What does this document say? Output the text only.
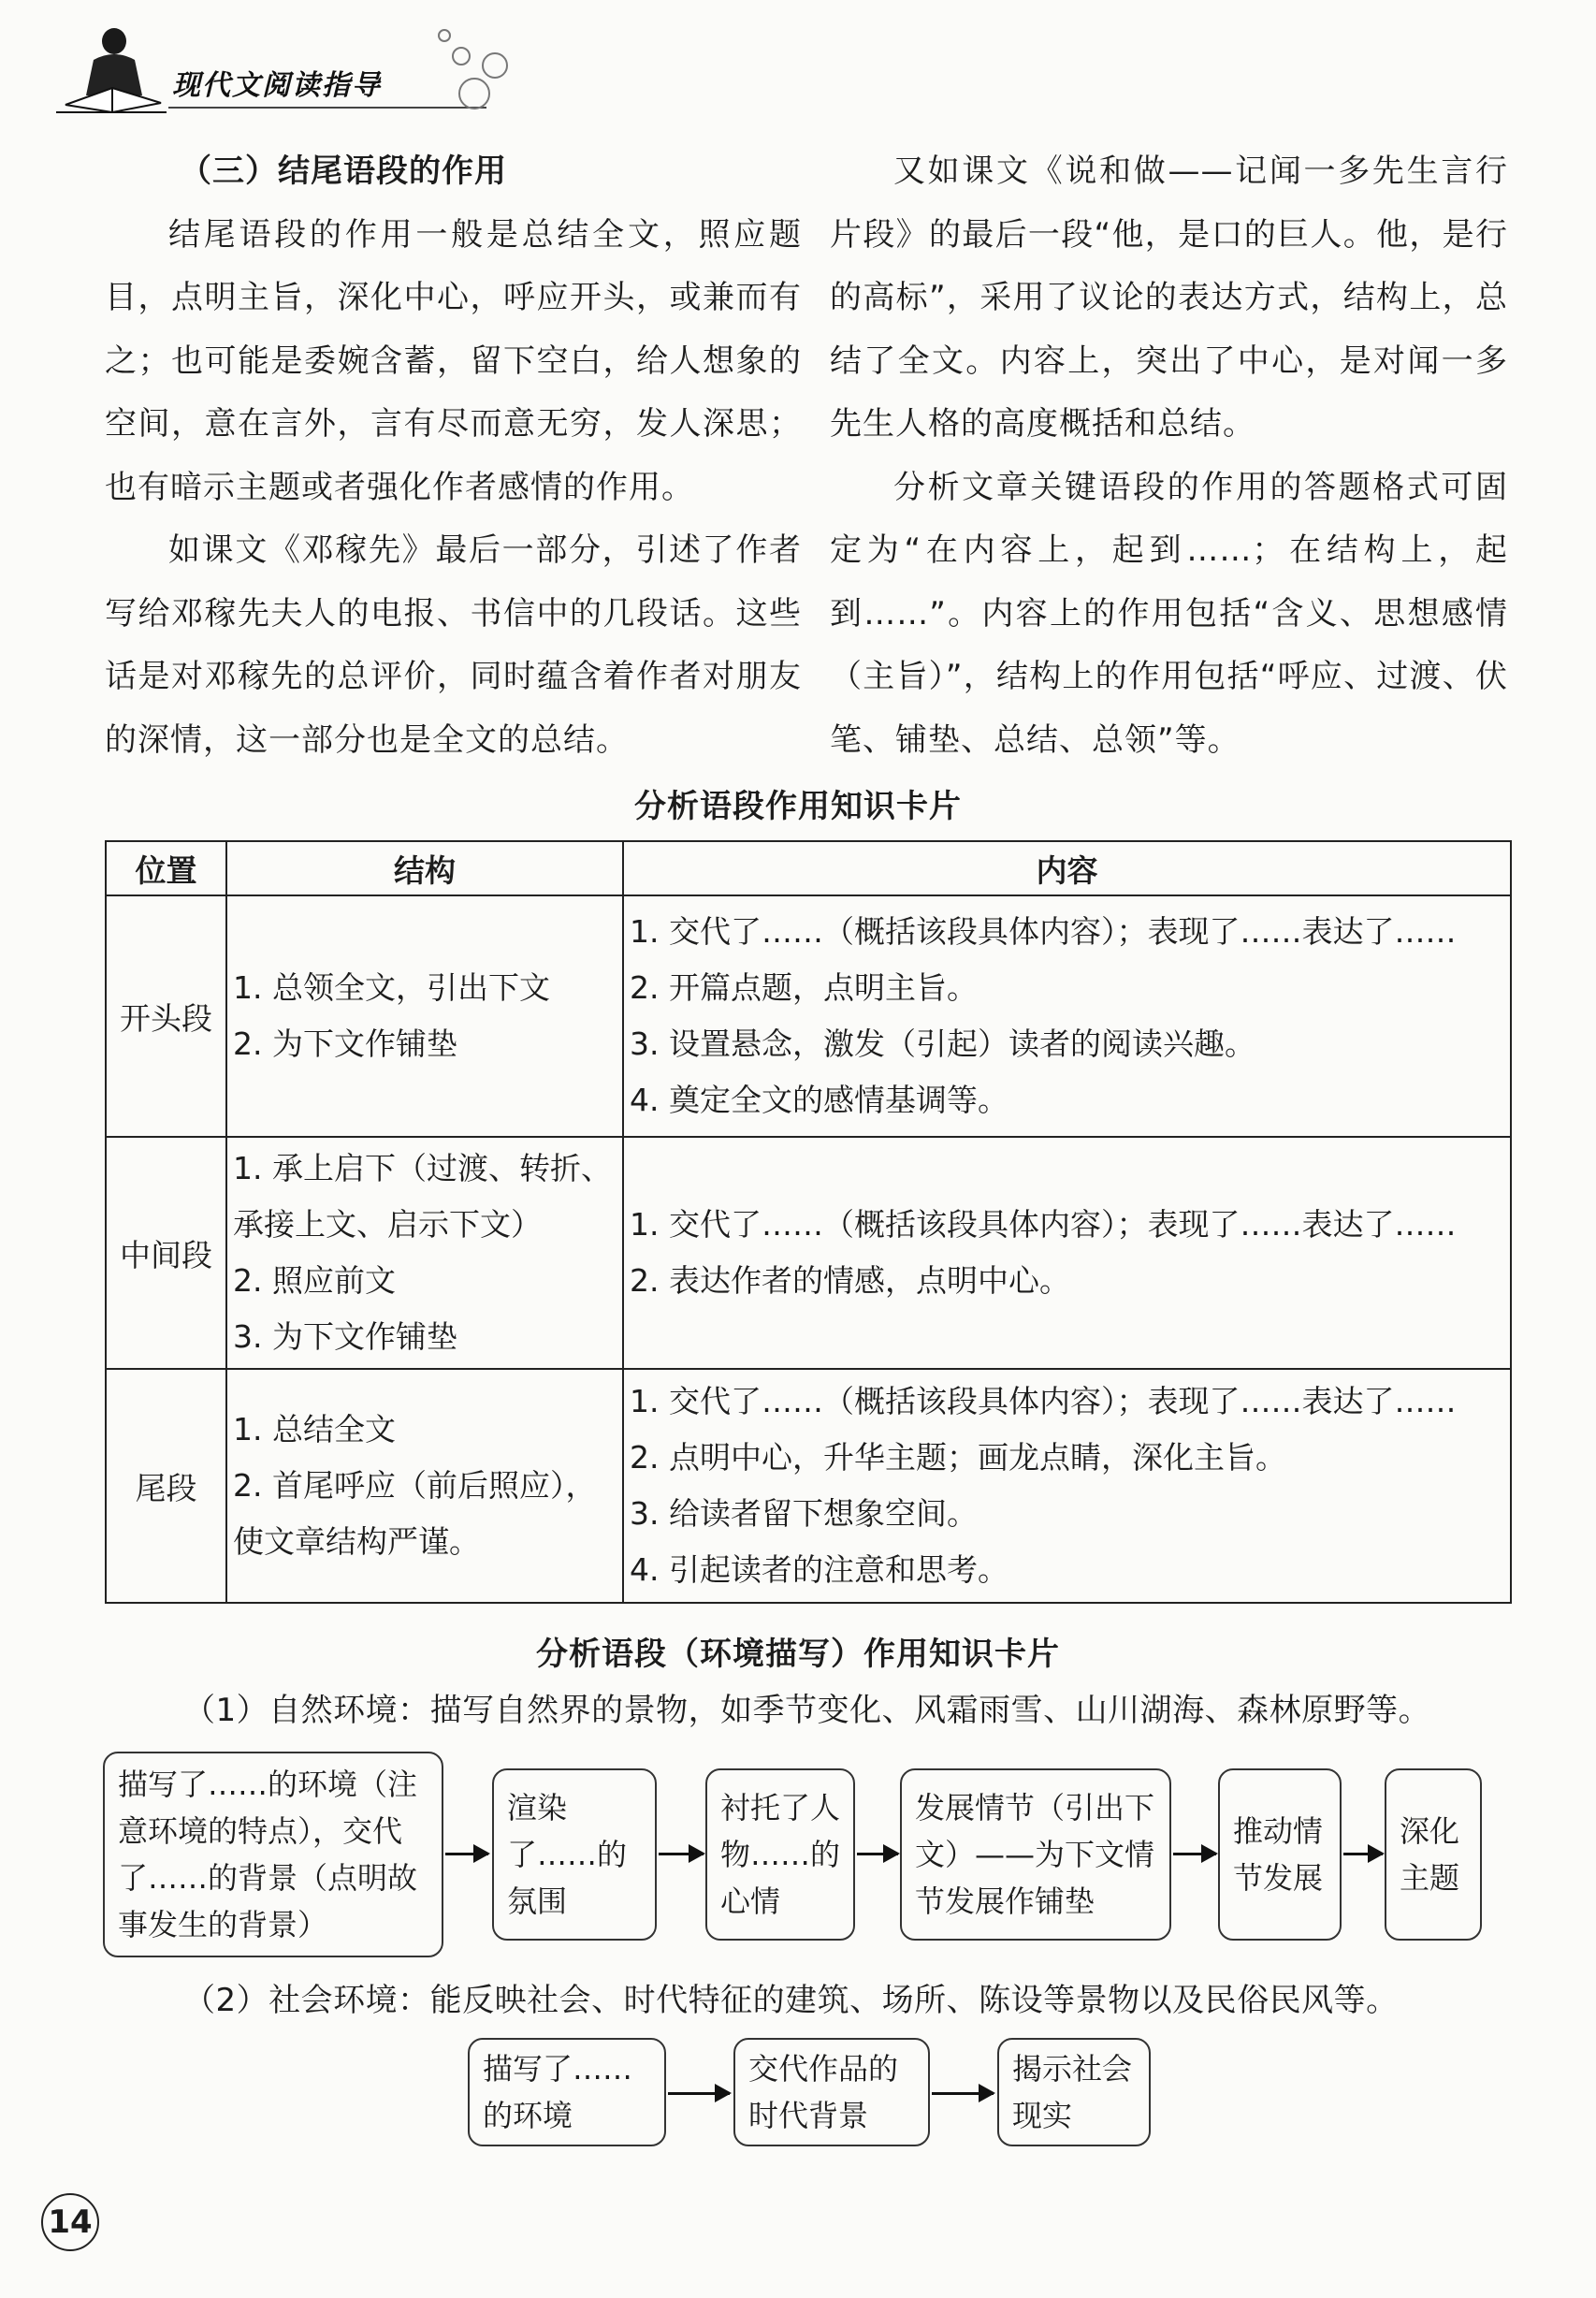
现代文阅读指导

（三）结尾语段的作用

结尾语段的作用一般是总结全文，照应题目，点明主旨，深化中心，呼应开头，或兼而有之；也可能是委婉含蓄，留下空白，给人想象的空间，意在言外，言有尽而意无穷，发人深思；也有暗示主题或者强化作者感情的作用。

如课文《邓稼先》最后一部分，引述了作者写给邓稼先夫人的电报、书信中的几段话。这些话是对邓稼先的总评价，同时蕴含着作者对朋友的深情，这一部分也是全文的总结。

又如课文《说和做——记闻一多先生言行片段》的最后一段“他，是口的巨人。他，是行的高标”，采用了议论的表达方式，结构上，总结了全文。内容上，突出了中心，是对闻一多先生人格的高度概括和总结。

分析文章关键语段的作用的答题格式可固定为“在内容上，起到……；在结构上，起到……”。内容上的作用包括“含义、思想感情（主旨）”，结构上的作用包括“呼应、过渡、伏笔、铺垫、总结、总领”等。

分析语段作用知识卡片
位置	结构	内容
开头段	1. 总领全文，引出下文
2. 为下文作铺垫	1. 交代了……（概括该段具体内容）；表现了……表达了……
2. 开篇点题，点明主旨。
3. 设置悬念，激发（引起）读者的阅读兴趣。
4. 奠定全文的感情基调等。

中间段	1. 承上启下（过渡、转折、承接上文、启示下文）
2. 照应前文
3. 为下文作铺垫	1. 交代了……（概括该段具体内容）；表现了……表达了……
2. 表达作者的情感，点明中心。

尾段	1. 总结全文
2. 首尾呼应（前后照应），使文章结构严谨。	1. 交代了……（概括该段具体内容）；表现了……表达了……
2. 点明中心，升华主题；画龙点睛，深化主旨。
3. 给读者留下想象空间。
4. 引起读者的注意和思考。
分析语段（环境描写）作用知识卡片
（1）自然环境：描写自然界的景物，如季节变化、风霜雨雪、山川湖海、森林原野等。
描写了……的环境（注意环境的特点），交代了……的背景（点明故事发生的背景）
渲染了……的氛围
衬托了人物……的心情
发展情节（引出下文）——为下文情节发展作铺垫
推动情节发展
深化主题
（2）社会环境：能反映社会、时代特征的建筑、场所、陈设等景物以及民俗民风等。
描写了……的环境
交代作品的时代背景
揭示社会现实
14
